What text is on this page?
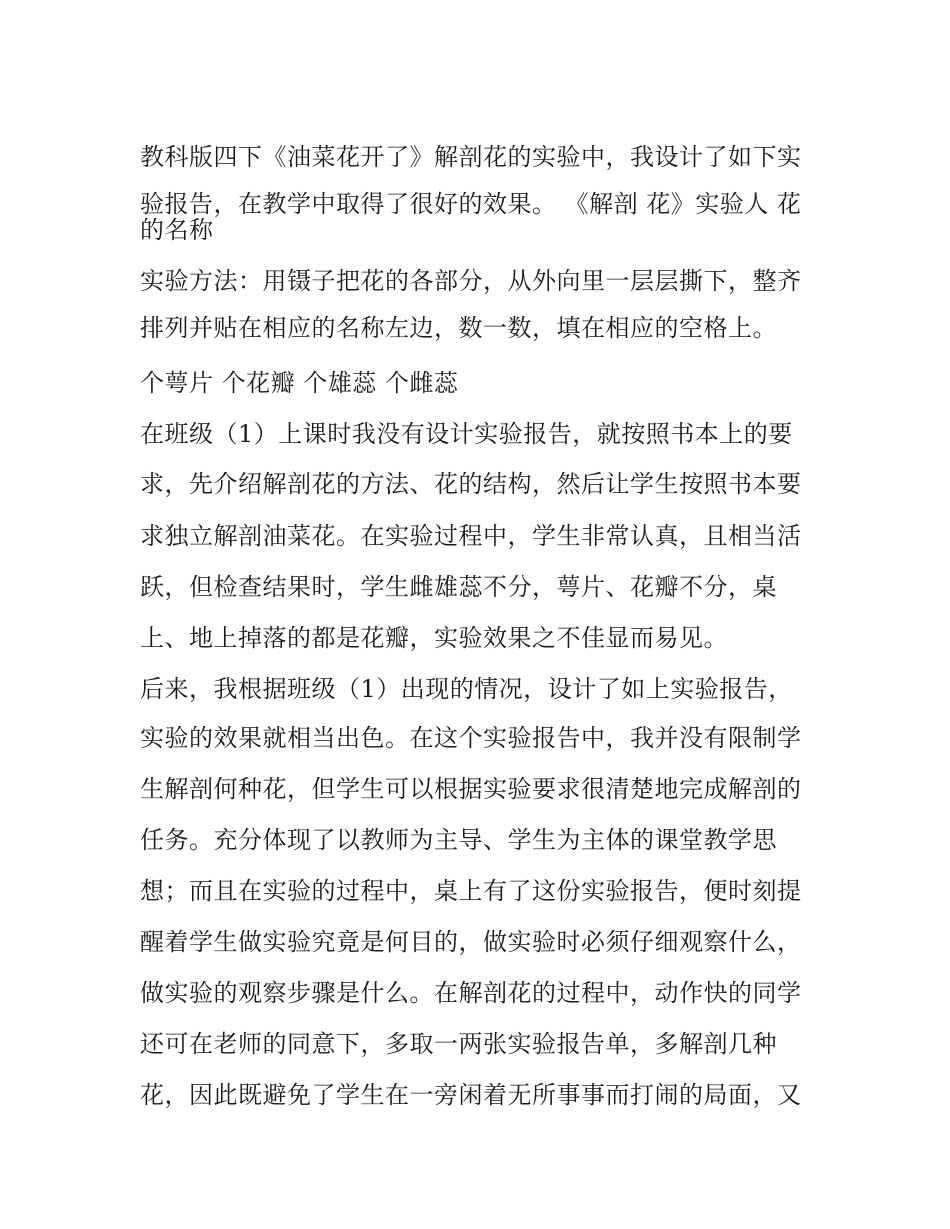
教科版四下《油菜花开了》解剖花的实验中，我设计了如下实
验报告，在教学中取得了很好的效果。 《解剖 花》实验人 花
的名称
实验方法：用镊子把花的各部分，从外向里一层层撕下，整齐
排列并贴在相应的名称左边，数一数，填在相应的空格上。
个萼片 个花瓣 个雄蕊 个雌蕊
在班级（1）上课时我没有设计实验报告，就按照书本上的要
求，先介绍解剖花的方法、花的结构，然后让学生按照书本要
求独立解剖油菜花。在实验过程中，学生非常认真，且相当活
跃，但检查结果时，学生雌雄蕊不分，萼片、花瓣不分，桌
上、地上掉落的都是花瓣，实验效果之不佳显而易见。
后来，我根据班级（1）出现的情况，设计了如上实验报告，
实验的效果就相当出色。在这个实验报告中，我并没有限制学
生解剖何种花，但学生可以根据实验要求很清楚地完成解剖的
任务。充分体现了以教师为主导、学生为主体的课堂教学思
想；而且在实验的过程中，桌上有了这份实验报告，便时刻提
醒着学生做实验究竟是何目的，做实验时必须仔细观察什么，
做实验的观察步骤是什么。在解剖花的过程中，动作快的同学
还可在老师的同意下，多取一两张实验报告单，多解剖几种
花，因此既避免了学生在一旁闲着无所事事而打闹的局面，又
